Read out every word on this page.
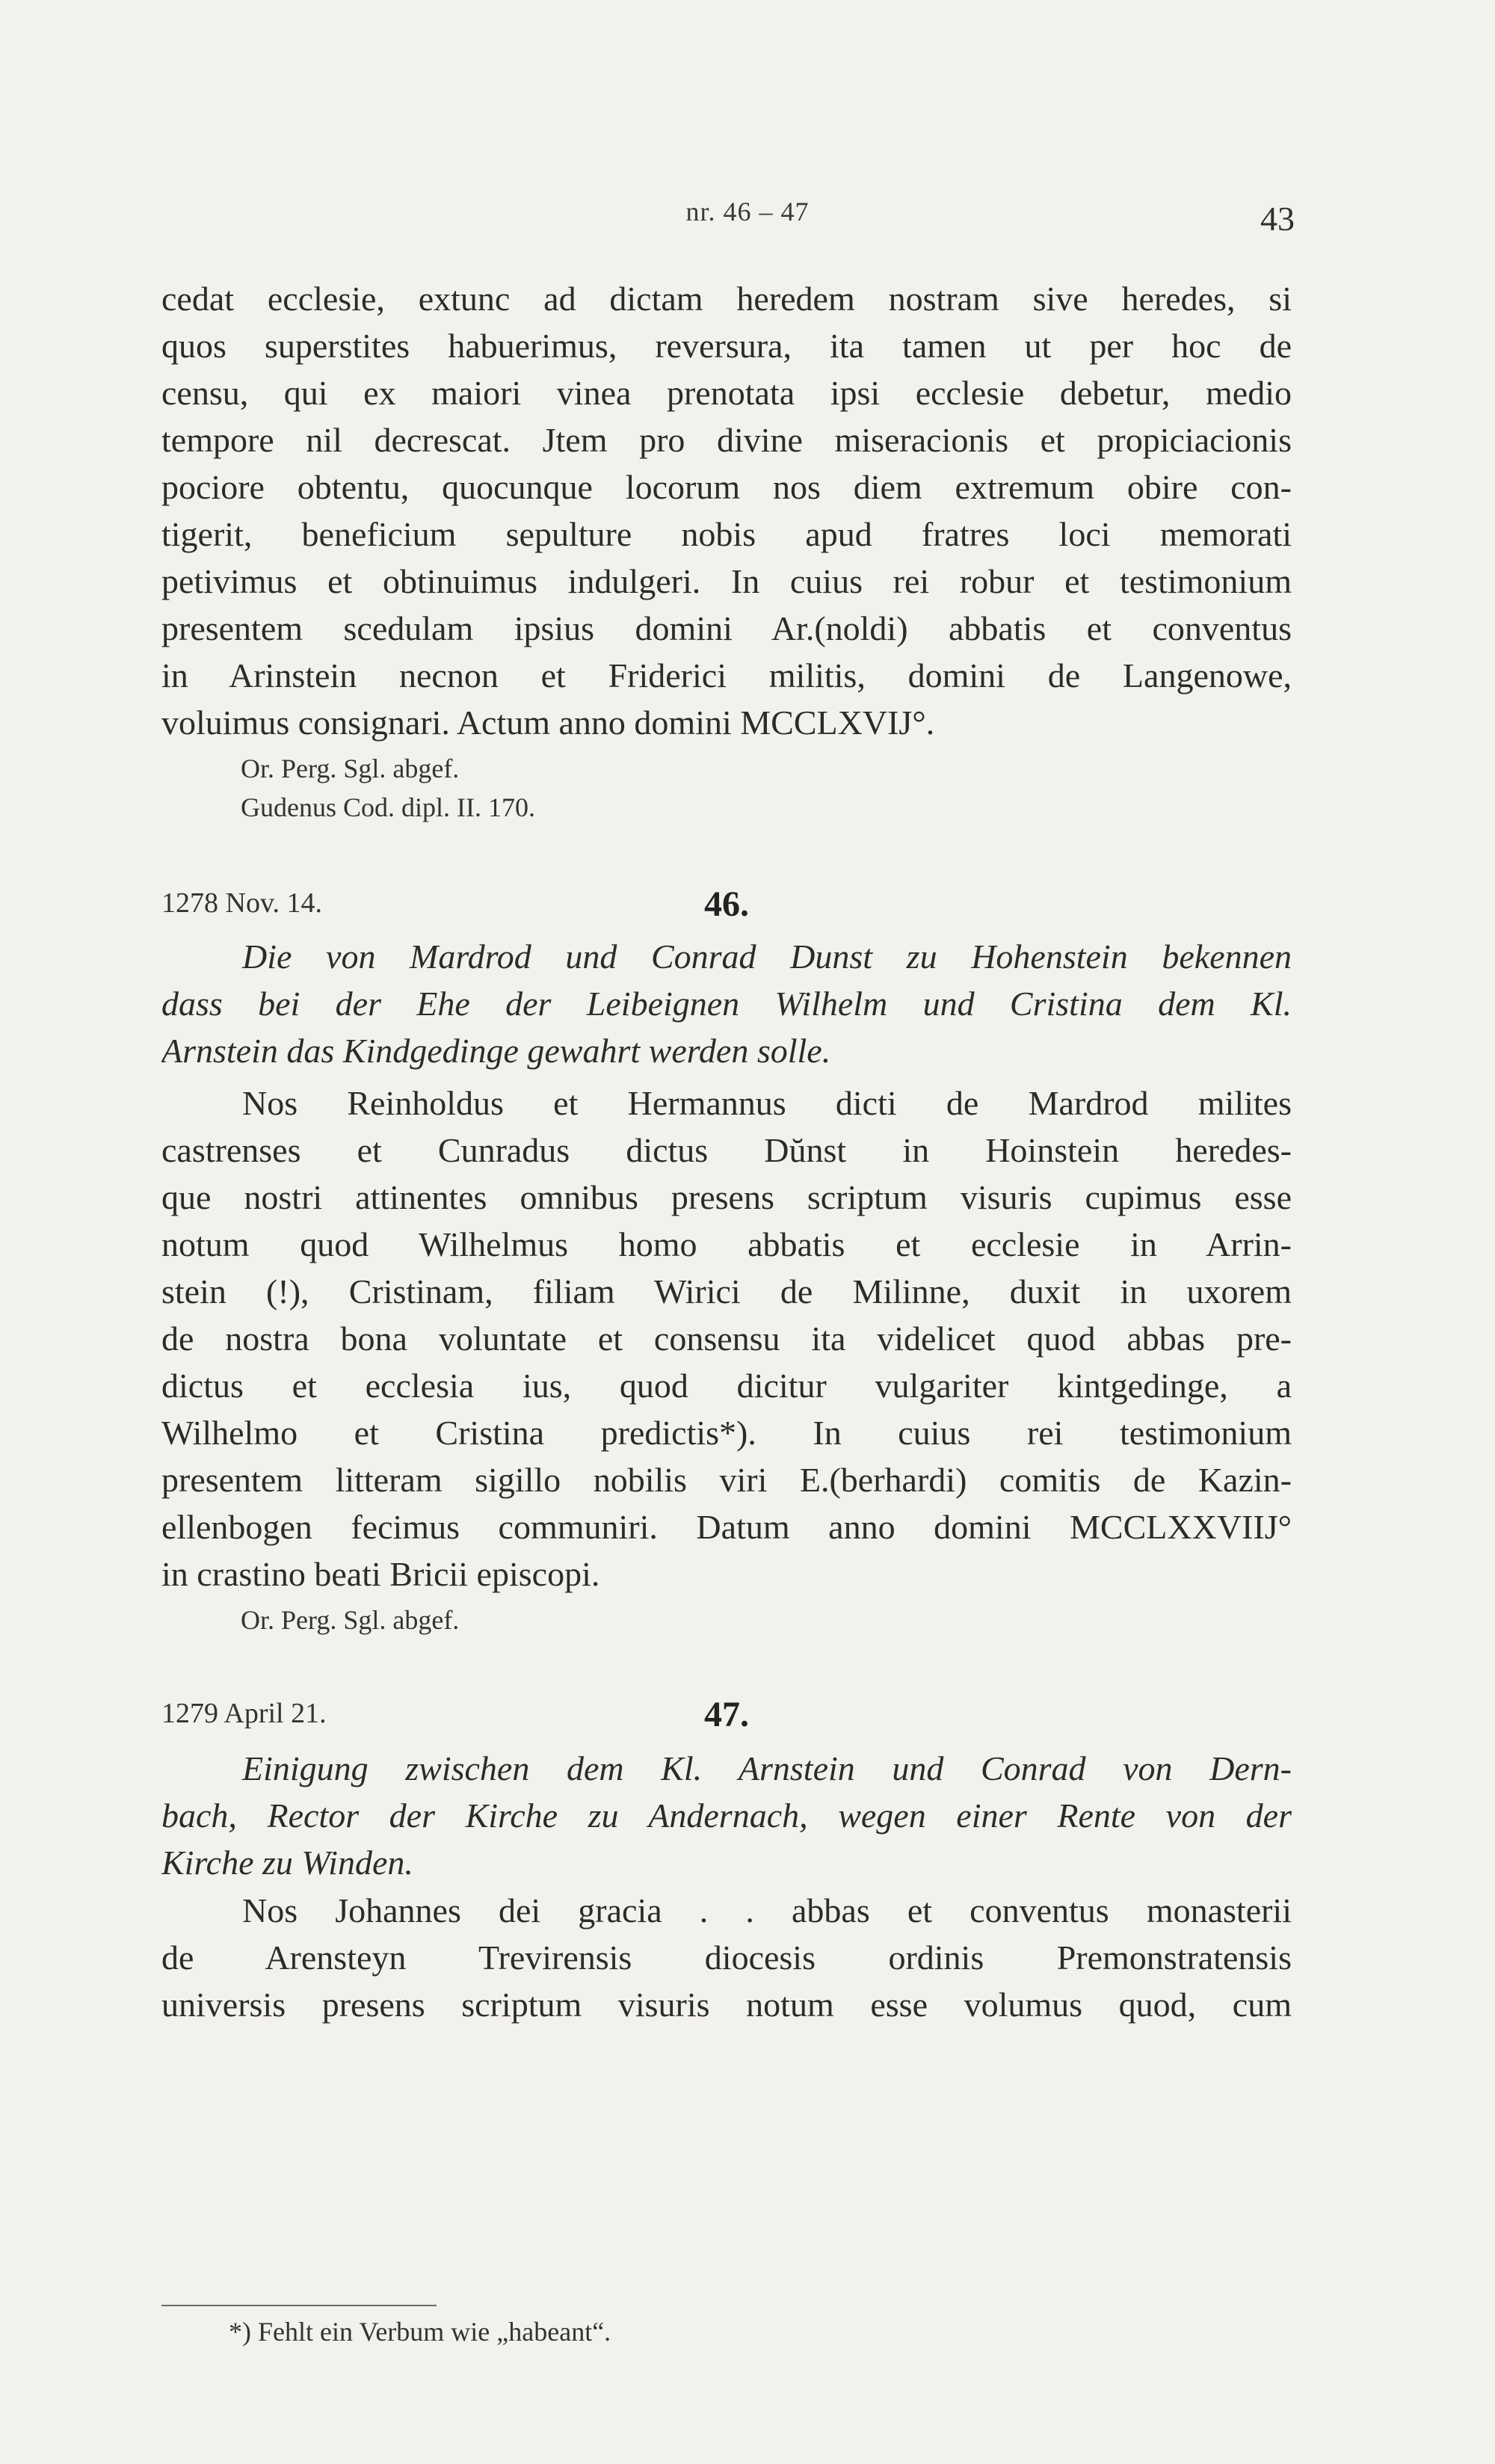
nr. 46 – 47	43
cedat ecclesie, extunc ad dictam heredem nostram sive heredes, si
quos superstites habuerimus, reversura, ita tamen ut per hoc de
censu, qui ex maiori vinea prenotata ipsi ecclesie debetur, medio
tempore nil decrescat. Jtem pro divine miseracionis et propiciacionis
pociore obtentu, quocunque locorum nos diem extremum obire con-
tigerit, beneficium sepulture nobis apud fratres loci memorati
petivimus et obtinuimus indulgeri. In cuius rei robur et testimonium
presentem scedulam ipsius domini Ar.(noldi) abbatis et conventus
in Arinstein necnon et Friderici militis, domini de Langenowe,
voluimus consignari. Actum anno domini MCCLXVIJ°.
Or. Perg. Sgl. abgef.
Gudenus Cod. dipl. II. 170.
1278 Nov. 14.	46.
Die von Mardrod und Conrad Dunst zu Hohenstein bekennen
dass bei der Ehe der Leibeignen Wilhelm und Cristina dem Kl.
Arnstein das Kindgedinge gewahrt werden solle.
Nos Reinholdus et Hermannus dicti de Mardrod milites
castrenses et Cunradus dictus Dŭnst in Hoinstein heredes-
que nostri attinentes omnibus presens scriptum visuris cupimus esse
notum quod Wilhelmus homo abbatis et ecclesie in Arrin-
stein (!), Cristinam, filiam Wirici de Milinne, duxit in uxorem
de nostra bona voluntate et consensu ita videlicet quod abbas pre-
dictus et ecclesia ius, quod dicitur vulgariter kintgedinge, a
Wilhelmo et Cristina predictis*). In cuius rei testimonium
presentem litteram sigillo nobilis viri E.(berhardi) comitis de Kazin-
ellenbogen fecimus communiri. Datum anno domini MCCLXXVIIJ°
in crastino beati Bricii episcopi.
Or. Perg. Sgl. abgef.
1279 April 21.	47.
Einigung zwischen dem Kl. Arnstein und Conrad von Dern-
bach, Rector der Kirche zu Andernach, wegen einer Rente von der
Kirche zu Winden.
Nos Johannes dei gracia . . abbas et conventus monasterii
de Arensteyn Trevirensis diocesis ordinis Premonstratensis
universis presens scriptum visuris notum esse volumus quod, cum
*) Fehlt ein Verbum wie „habeant“.
